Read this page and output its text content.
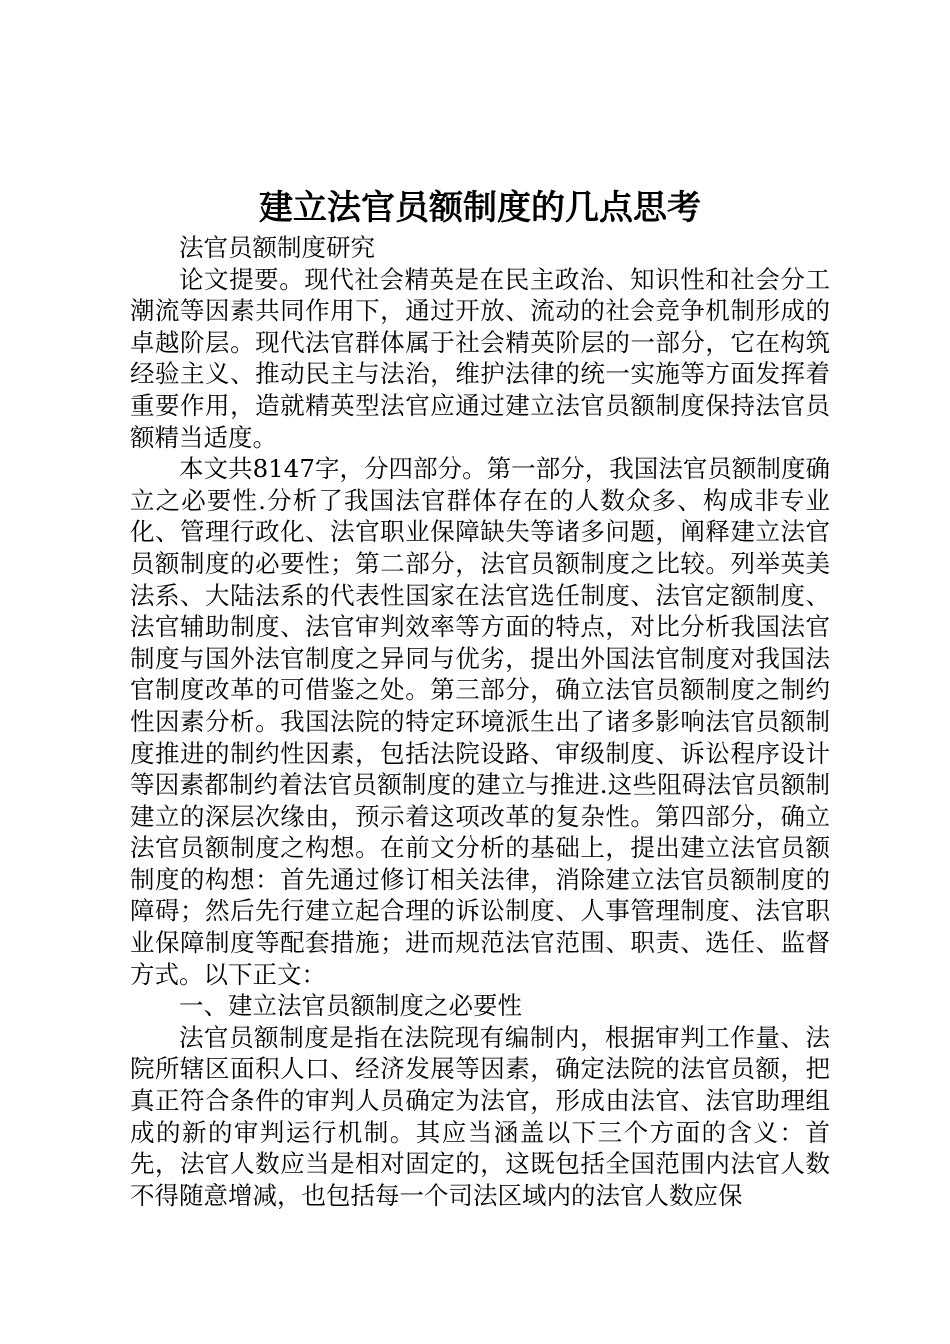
建立法官员额制度的几点思考

法官员额制度研究

论文提要。现代社会精英是在民主政治、知识性和社会分工潮流等因素共同作用下，通过开放、流动的社会竞争机制形成的卓越阶层。现代法官群体属于社会精英阶层的一部分，它在构筑经验主义、推动民主与法治，维护法律的统一实施等方面发挥着重要作用，造就精英型法官应通过建立法官员额制度保持法官员额精当适度。

本文共8147字，分四部分。第一部分，我国法官员额制度确立之必要性.分析了我国法官群体存在的人数众多、构成非专业化、管理行政化、法官职业保障缺失等诸多问题，阐释建立法官员额制度的必要性；第二部分，法官员额制度之比较。列举英美法系、大陆法系的代表性国家在法官选任制度、法官定额制度、法官辅助制度、法官审判效率等方面的特点，对比分析我国法官制度与国外法官制度之异同与优劣，提出外国法官制度对我国法官制度改革的可借鉴之处。第三部分，确立法官员额制度之制约性因素分析。我国法院的特定环境派生出了诸多影响法官员额制度推进的制约性因素，包括法院设路、审级制度、诉讼程序设计等因素都制约着法官员额制度的建立与推进.这些阻碍法官员额制建立的深层次缘由，预示着这项改革的复杂性。第四部分，确立法官员额制度之构想。在前文分析的基础上，提出建立法官员额制度的构想：首先通过修订相关法律，消除建立法官员额制度的障碍；然后先行建立起合理的诉讼制度、人事管理制度、法官职业保障制度等配套措施；进而规范法官范围、职责、选任、监督方式。以下正文：

一、建立法官员额制度之必要性

法官员额制度是指在法院现有编制内，根据审判工作量、法院所辖区面积人口、经济发展等因素，确定法院的法官员额，把真正符合条件的审判人员确定为法官，形成由法官、法官助理组成的新的审判运行机制。其应当涵盖以下三个方面的含义：首先，法官人数应当是相对固定的，这既包括全国范围内法官人数不得随意增减，也包括每一个司法区域内的法官人数应保
